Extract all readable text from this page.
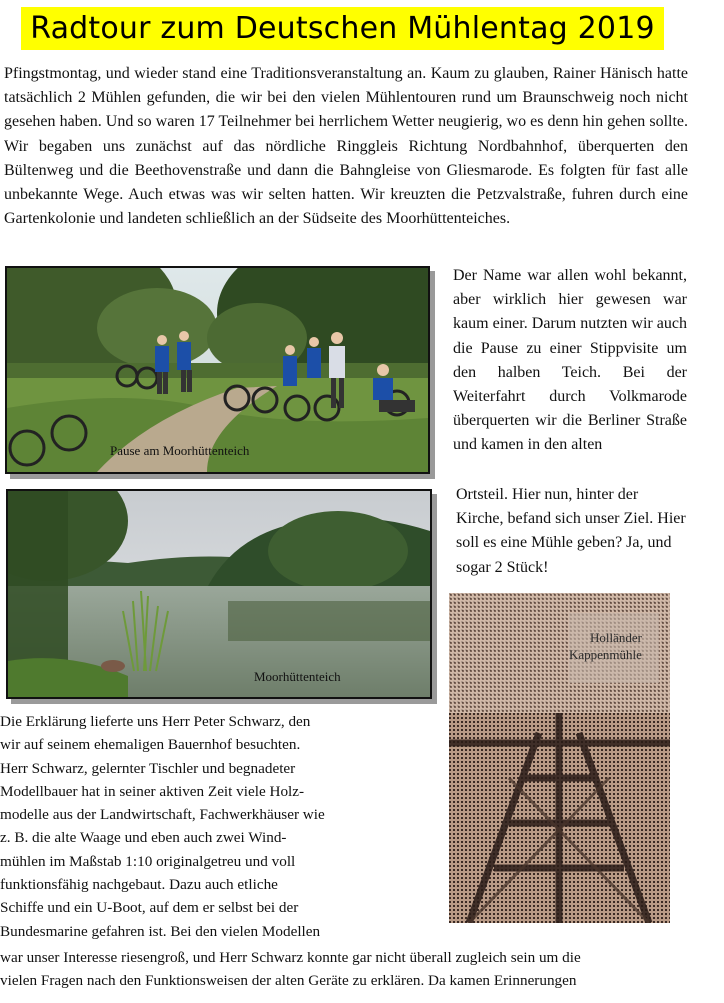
Radtour zum Deutschen Mühlentag 2019

Pfingstmontag, und wieder stand eine Traditionsveranstaltung an. Kaum zu glauben, Rainer Hänisch hatte tatsächlich 2 Mühlen gefunden, die wir bei den vielen Mühlentouren rund um Braunschweig noch nicht gesehen haben. Und so waren 17 Teilnehmer bei herrlichem Wetter neugierig, wo es denn hin gehen sollte. Wir begaben uns zunächst auf das nördliche Ringgleis Richtung Nordbahnhof, überquerten den Bültenweg und die Beethovenstraße und dann die Bahngleise von Gliesmarode. Es folgten für fast alle unbekannte Wege. Auch etwas was wir selten hatten. Wir kreuzten die Petzvalstraße, fuhren durch eine Gartenkolonie und landeten schließlich an der Südseite des Moorhüttenteiches.

Pause am Moorhüttenteich

Der Name war allen wohl bekannt, aber wirklich hier gewesen war kaum einer. Darum nutzten wir auch die Pause zu einer Stippvisite um den halben Teich. Bei der Weiterfahrt durch Volkmarode überquerten wir die Berliner Straße und kamen in den alten

Moorhüttenteich

Ortsteil. Hier nun, hinter der Kirche, befand sich unser Ziel. Hier soll es eine Mühle geben? Ja, und sogar 2 Stück!

Holländer
Kappenmühle
Die Erklärung lieferte uns Herr Peter Schwarz, den
wir auf seinem ehemaligen Bauernhof besuchten.
Herr Schwarz, gelernter Tischler und begnadeter
Modellbauer hat in seiner aktiven Zeit viele Holz-
modelle aus der Landwirtschaft, Fachwerkhäuser wie
z. B. die alte Waage und eben auch zwei Wind-
mühlen im Maßstab 1:10 originalgetreu und voll
funktionsfähig nachgebaut. Dazu auch etliche
Schiffe und ein U-Boot, auf dem er selbst bei der
Bundesmarine gefahren ist. Bei den vielen Modellen
war unser Interesse riesengroß, und Herr Schwarz konnte gar nicht überall zugleich sein um die
vielen Fragen nach den Funktionsweisen der alten Geräte zu erklären. Da kamen Erinnerungen
